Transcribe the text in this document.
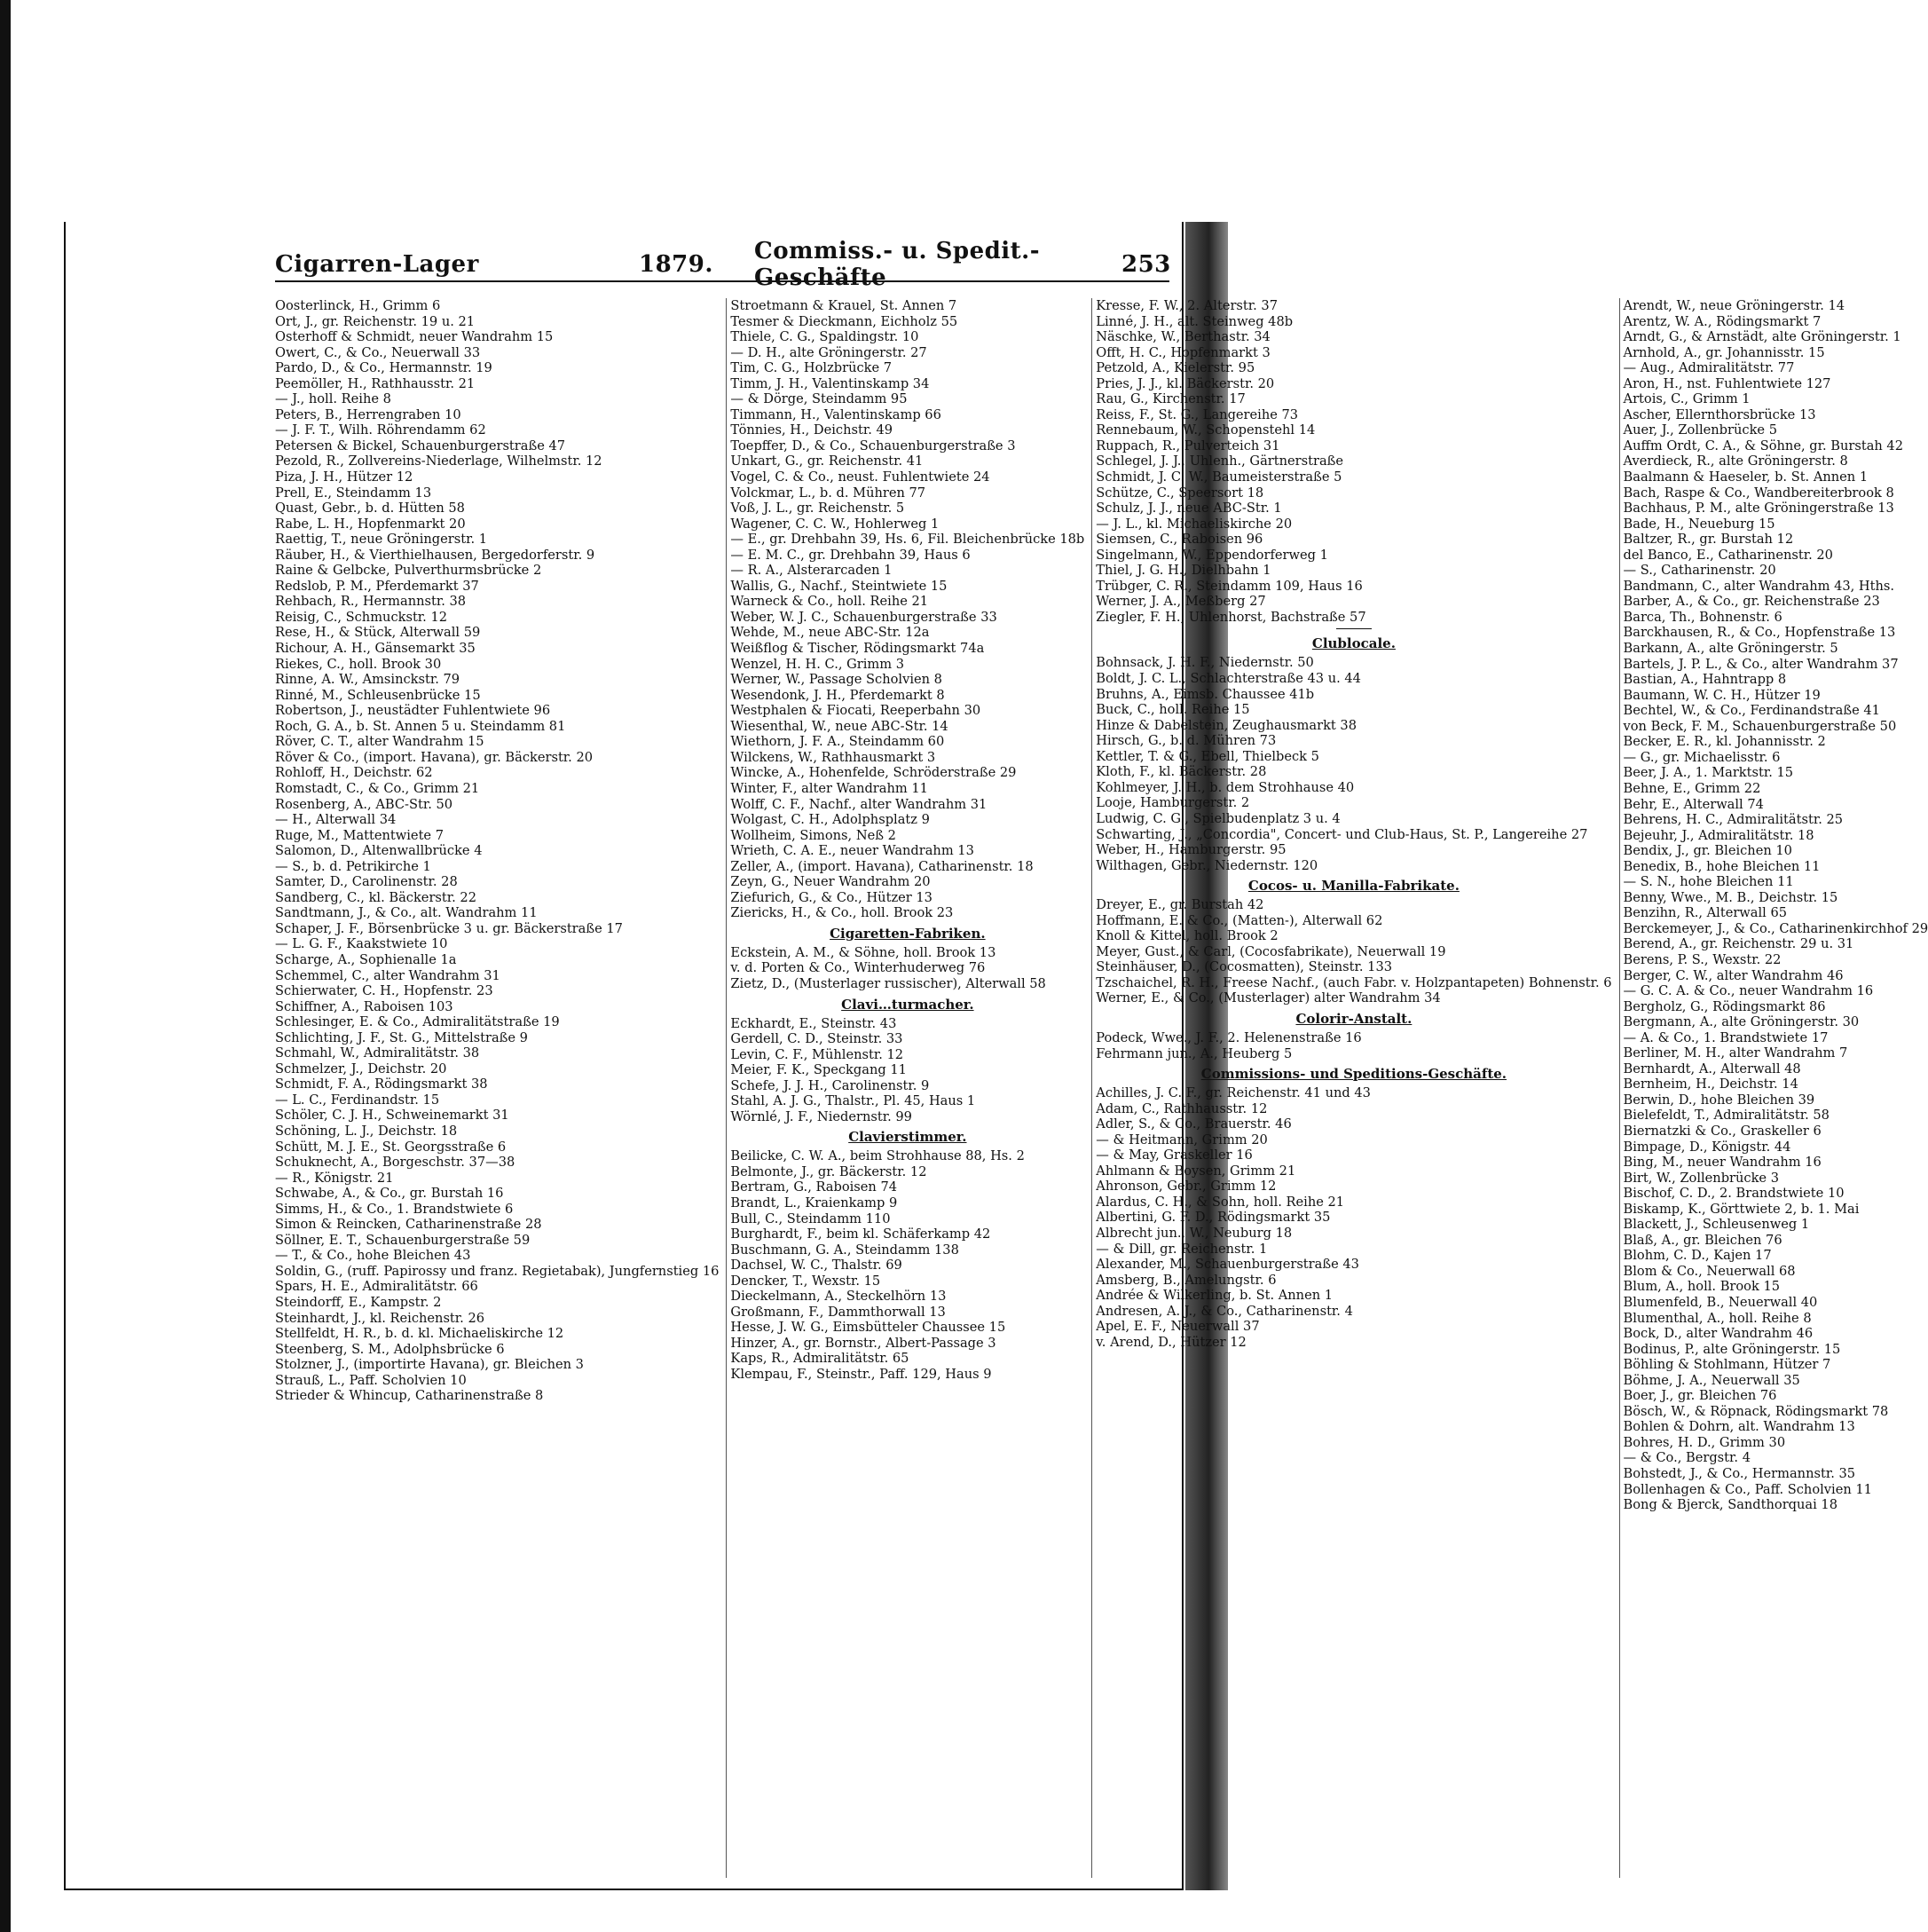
Cigarren-Lager	1879.	Commiss.- u. Spedit.-Geschäfte	253
Oosterlinck, H., Grimm 6
Ort, J., gr. Reichenstr. 19 u. 21
Osterhoff & Schmidt, neuer Wandrahm 15
Owert, C., & Co., Neuerwall 33
Pardo, D., & Co., Hermannstr. 19
Peemöller, H., Rathhausstr. 21
— J., holl. Reihe 8
Peters, B., Herrengraben 10
— J. F. T., Wilh. Röhrendamm 62
Petersen & Bickel, Schauenburgerstraße 47
Pezold, R., Zollvereins-Niederlage, Wilhelmstr. 12
Piza, J. H., Hützer 12
Prell, E., Steindamm 13
Quast, Gebr., b. d. Hütten 58
Rabe, L. H., Hopfenmarkt 20
Raettig, T., neue Gröningerstr. 1
Räuber, H., & Vierthielhausen, Bergedorferstr. 9
Raine & Gelbcke, Pulverthurmsbrücke 2
Redslob, P. M., Pferdemarkt 37
Rehbach, R., Hermannstr. 38
Reisig, C., Schmuckstr. 12
Rese, H., & Stück, Alterwall 59
Richour, A. H., Gänsemarkt 35
Riekes, C., holl. Brook 30
Rinne, A. W., Amsinckstr. 79
Rinné, M., Schleusenbrücke 15
Robertson, J., neustädter Fuhlentwiete 96
Roch, G. A., b. St. Annen 5 u. Steindamm 81
Röver, C. T., alter Wandrahm 15
Röver & Co., (import. Havana), gr. Bäckerstr. 20
Rohloff, H., Deichstr. 62
Romstadt, C., & Co., Grimm 21
Rosenberg, A., ABC-Str. 50
— H., Alterwall 34
Ruge, M., Mattentwiete 7
Salomon, D., Altenwallbrücke 4
— S., b. d. Petrikirche 1
Samter, D., Carolinenstr. 28
Sandberg, C., kl. Bäckerstr. 22
Sandtmann, J., & Co., alt. Wandrahm 11
Schaper, J. F., Börsenbrücke 3 u. gr. Bäckerstraße 17
— L. G. F., Kaakstwiete 10
Scharge, A., Sophienalle 1a
Schemmel, C., alter Wandrahm 31
Schierwater, C. H., Hopfenstr. 23
Schiffner, A., Raboisen 103
Schlesinger, E. & Co., Admiralitätstraße 19
Schlichting, J. F., St. G., Mittelstraße 9
Schmahl, W., Admiralitätstr. 38
Schmelzer, J., Deichstr. 20
Schmidt, F. A., Rödingsmarkt 38
— L. C., Ferdinandstr. 15
Schöler, C. J. H., Schweinemarkt 31
Schöning, L. J., Deichstr. 18
Schütt, M. J. E., St. Georgsstraße 6
Schuknecht, A., Borgeschstr. 37—38
— R., Königstr. 21
Schwabe, A., & Co., gr. Burstah 16
Simms, H., & Co., 1. Brandstwiete 6
Simon & Reincken, Catharinenstraße 28
Söllner, E. T., Schauenburgerstraße 59
— T., & Co., hohe Bleichen 43
Soldin, G., (ruff. Papirossy und franz. Regietabak), Jungfernstieg 16
Spars, H. E., Admiralitätstr. 66
Steindorff, E., Kampstr. 2
Steinhardt, J., kl. Reichenstr. 26
Stellfeldt, H. R., b. d. kl. Michaeliskirche 12
Steenberg, S. M., Adolphsbrücke 6
Stolzner, J., (importirte Havana), gr. Bleichen 3
Strauß, L., Paff. Scholvien 10
Strieder & Whincup, Catharinenstraße 8
Stroetmann & Krauel, St. Annen 7
Tesmer & Dieckmann, Eichholz 55
Thiele, C. G., Spaldingstr. 10
— D. H., alte Gröningerstr. 27
Tim, C. G., Holzbrücke 7
Timm, J. H., Valentinskamp 34
— & Dörge, Steindamm 95
Timmann, H., Valentinskamp 66
Tönnies, H., Deichstr. 49
Toepffer, D., & Co., Schauenburgerstraße 3
Unkart, G., gr. Reichenstr. 41
Vogel, C. & Co., neust. Fuhlentwiete 24
Volckmar, L., b. d. Mühren 77
Voß, J. L., gr. Reichenstr. 5
Wagener, C. C. W., Hohlerweg 1
— E., gr. Drehbahn 39, Hs. 6, Fil. Bleichenbrücke 18b
— E. M. C., gr. Drehbahn 39, Haus 6
— R. A., Alsterarcaden 1
Wallis, G., Nachf., Steintwiete 15
Warneck & Co., holl. Reihe 21
Weber, W. J. C., Schauenburgerstraße 33
Wehde, M., neue ABC-Str. 12a
Weißflog & Tischer, Rödingsmarkt 74a
Wenzel, H. H. C., Grimm 3
Werner, W., Passage Scholvien 8
Wesendonk, J. H., Pferdemarkt 8
Westphalen & Fiocati, Reeperbahn 30
Wiesenthal, W., neue ABC-Str. 14
Wiethorn, J. F. A., Steindamm 60
Wilckens, W., Rathhausmarkt 3
Wincke, A., Hohenfelde, Schröderstraße 29
Winter, F., alter Wandrahm 11
Wolff, C. F., Nachf., alter Wandrahm 31
Wolgast, C. H., Adolphsplatz 9
Wollheim, Simons, Neß 2
Wrieth, C. A. E., neuer Wandrahm 13
Zeller, A., (import. Havana), Catharinenstr. 18
Zeyn, G., Neuer Wandrahm 20
Ziefurich, G., & Co., Hützer 13
Ziericks, H., & Co., holl. Brook 23
Cigaretten-Fabriken.
Eckstein, A. M., & Söhne, holl. Brook 13
v. d. Porten & Co., Winterhuderweg 76
Zietz, D., (Musterlager russischer), Alterwall 58
Clavi…turmacher.
Eckhardt, E., Steinstr. 43
Gerdell, C. D., Steinstr. 33
Levin, C. F., Mühlenstr. 12
Meier, F. K., Speckgang 11
Schefe, J. J. H., Carolinenstr. 9
Stahl, A. J. G., Thalstr., Pl. 45, Haus 1
Wörnlé, J. F., Niedernstr. 99
Clavierstimmer.
Beilicke, C. W. A., beim Strohhause 88, Hs. 2
Belmonte, J., gr. Bäckerstr. 12
Bertram, G., Raboisen 74
Brandt, L., Kraienkamp 9
Bull, C., Steindamm 110
Burghardt, F., beim kl. Schäferkamp 42
Buschmann, G. A., Steindamm 138
Dachsel, W. C., Thalstr. 69
Dencker, T., Wexstr. 15
Dieckelmann, A., Steckelhörn 13
Großmann, F., Dammthorwall 13
Hesse, J. W. G., Eimsbütteler Chaussee 15
Hinzer, A., gr. Bornstr., Albert-Passage 3
Kaps, R., Admiralitätstr. 65
Klempau, F., Steinstr., Paff. 129, Haus 9
Kresse, F. W., 2. Alterstr. 37
Linné, J. H., alt. Steinweg 48b
Näschke, W., Berthastr. 34
Offt, H. C., Hopfenmarkt 3
Petzold, A., Kielerstr. 95
Pries, J. J., kl. Bäckerstr. 20
Rau, G., Kirchenstr. 17
Reiss, F., St. G., Langereihe 73
Rennebaum, W., Schopenstehl 14
Ruppach, R., Pulverteich 31
Schlegel, J. J., Uhlenh., Gärtnerstraße
Schmidt, J. C. W., Baumeisterstraße 5
Schütze, C., Speersort 18
Schulz, J. J., neue ABC-Str. 1
— J. L., kl. Michaeliskirche 20
Siemsen, C., Raboisen 96
Singelmann, W., Eppendorferweg 1
Thiel, J. G. H., Dielhbahn 1
Trübger, C. R., Steindamm 109, Haus 16
Werner, J. A., Meßberg 27
Ziegler, F. H., Uhlenhorst, Bachstraße 57
Clublocale.
Bohnsack, J. H. F., Niedernstr. 50
Boldt, J. C. L., Schlachterstraße 43 u. 44
Bruhns, A., Eimsb. Chaussee 41b
Buck, C., holl. Reihe 15
Hinze & Dabelstein, Zeughausmarkt 38
Hirsch, G., b. d. Mühren 73
Kettler, T. & G., Ebell, Thielbeck 5
Kloth, F., kl. Bäckerstr. 28
Kohlmeyer, J. H., b. dem Strohhause 40
Looje, Hamburgerstr. 2
Ludwig, C. G., Spielbudenplatz 3 u. 4
Schwarting, J., „Concordia", Concert- und Club-Haus, St. P., Langereihe 27
Weber, H., Hamburgerstr. 95
Wilthagen, Gebr., Niedernstr. 120
Cocos- u. Manilla-Fabrikate.
Dreyer, E., gr. Burstah 42
Hoffmann, E. & Co., (Matten-), Alterwall 62
Knoll & Kittel, holl. Brook 2
Meyer, Gust., & Carl, (Cocosfabrikate), Neuerwall 19
Steinhäuser, D., (Cocosmatten), Steinstr. 133
Tzschaichel, R. H., Freese Nachf., (auch Fabr. v. Holzpantapeten) Bohnenstr. 6
Werner, E., & Co., (Musterlager) alter Wandrahm 34
Colorir-Anstalt.
Podeck, Wwe., J. F., 2. Helenenstraße 16
Fehrmann jun., A., Heuberg 5
Commissions- und Speditions-Geschäfte.
Achilles, J. C. F., gr. Reichenstr. 41 und 43
Adam, C., Rathhausstr. 12
Adler, S., & Co., Brauerstr. 46
— & Heitmann, Grimm 20
— & May, Graskeller 16
Ahlmann & Boysen, Grimm 21
Ahronson, Gebr., Grimm 12
Alardus, C. H., & Sohn, holl. Reihe 21
Albertini, G. F. D., Rödingsmarkt 35
Albrecht jun., W., Neuburg 18
— & Dill, gr. Reichenstr. 1
Alexander, M., Schauenburgerstraße 43
Amsberg, B., Amelungstr. 6
Andrée & Wilkerling, b. St. Annen 1
Andresen, A. J., & Co., Catharinenstr. 4
Apel, E. F., Neuerwall 37
v. Arend, D., Hützer 12
Arendt, W., neue Gröningerstr. 14
Arentz, W. A., Rödingsmarkt 7
Arndt, G., & Arnstädt, alte Gröningerstr. 1
Arnhold, A., gr. Johannisstr. 15
— Aug., Admiralitätstr. 77
Aron, H., nst. Fuhlentwiete 127
Artois, C., Grimm 1
Ascher, Ellernthorsbrücke 13
Auer, J., Zollenbrücke 5
Auffm Ordt, C. A., & Söhne, gr. Burstah 42
Averdieck, R., alte Gröningerstr. 8
Baalmann & Haeseler, b. St. Annen 1
Bach, Raspe & Co., Wandbereiterbrook 8
Bachhaus, P. M., alte Gröningerstraße 13
Bade, H., Neueburg 15
Baltzer, R., gr. Burstah 12
del Banco, E., Catharinenstr. 20
— S., Catharinenstr. 20
Bandmann, C., alter Wandrahm 43, Hths.
Barber, A., & Co., gr. Reichenstraße 23
Barca, Th., Bohnenstr. 6
Barckhausen, R., & Co., Hopfenstraße 13
Barkann, A., alte Gröningerstr. 5
Bartels, J. P. L., & Co., alter Wandrahm 37
Bastian, A., Hahntrapp 8
Baumann, W. C. H., Hützer 19
Bechtel, W., & Co., Ferdinandstraße 41
von Beck, F. M., Schauenburgerstraße 50
Becker, E. R., kl. Johannisstr. 2
— G., gr. Michaelisstr. 6
Beer, J. A., 1. Marktstr. 15
Behne, E., Grimm 22
Behr, E., Alterwall 74
Behrens, H. C., Admiralitätstr. 25
Bejeuhr, J., Admiralitätstr. 18
Bendix, J., gr. Bleichen 10
Benedix, B., hohe Bleichen 11
— S. N., hohe Bleichen 11
Benny, Wwe., M. B., Deichstr. 15
Benzihn, R., Alterwall 65
Berckemeyer, J., & Co., Catharinenkirchhof 29
Berend, A., gr. Reichenstr. 29 u. 31
Berens, P. S., Wexstr. 22
Berger, C. W., alter Wandrahm 46
— G. C. A. & Co., neuer Wandrahm 16
Bergholz, G., Rödingsmarkt 86
Bergmann, A., alte Gröningerstr. 30
— A. & Co., 1. Brandstwiete 17
Berliner, M. H., alter Wandrahm 7
Bernhardt, A., Alterwall 48
Bernheim, H., Deichstr. 14
Berwin, D., hohe Bleichen 39
Bielefeldt, T., Admiralitätstr. 58
Biernatzki & Co., Graskeller 6
Bimpage, D., Königstr. 44
Bing, M., neuer Wandrahm 16
Birt, W., Zollenbrücke 3
Bischof, C. D., 2. Brandstwiete 10
Biskamp, K., Görttwiete 2, b. 1. Mai
Blackett, J., Schleusenweg 1
Blaß, A., gr. Bleichen 76
Blohm, C. D., Kajen 17
Blom & Co., Neuerwall 68
Blum, A., holl. Brook 15
Blumenfeld, B., Neuerwall 40
Blumenthal, A., holl. Reihe 8
Bock, D., alter Wandrahm 46
Bodinus, P., alte Gröningerstr. 15
Böhling & Stohlmann, Hützer 7
Böhme, J. A., Neuerwall 35
Boer, J., gr. Bleichen 76
Bösch, W., & Röpnack, Rödingsmarkt 78
Bohlen & Dohrn, alt. Wandrahm 13
Bohres, H. D., Grimm 30
— & Co., Bergstr. 4
Bohstedt, J., & Co., Hermannstr. 35
Bollenhagen & Co., Paff. Scholvien 11
Bong & Bjerck, Sandthorquai 18
